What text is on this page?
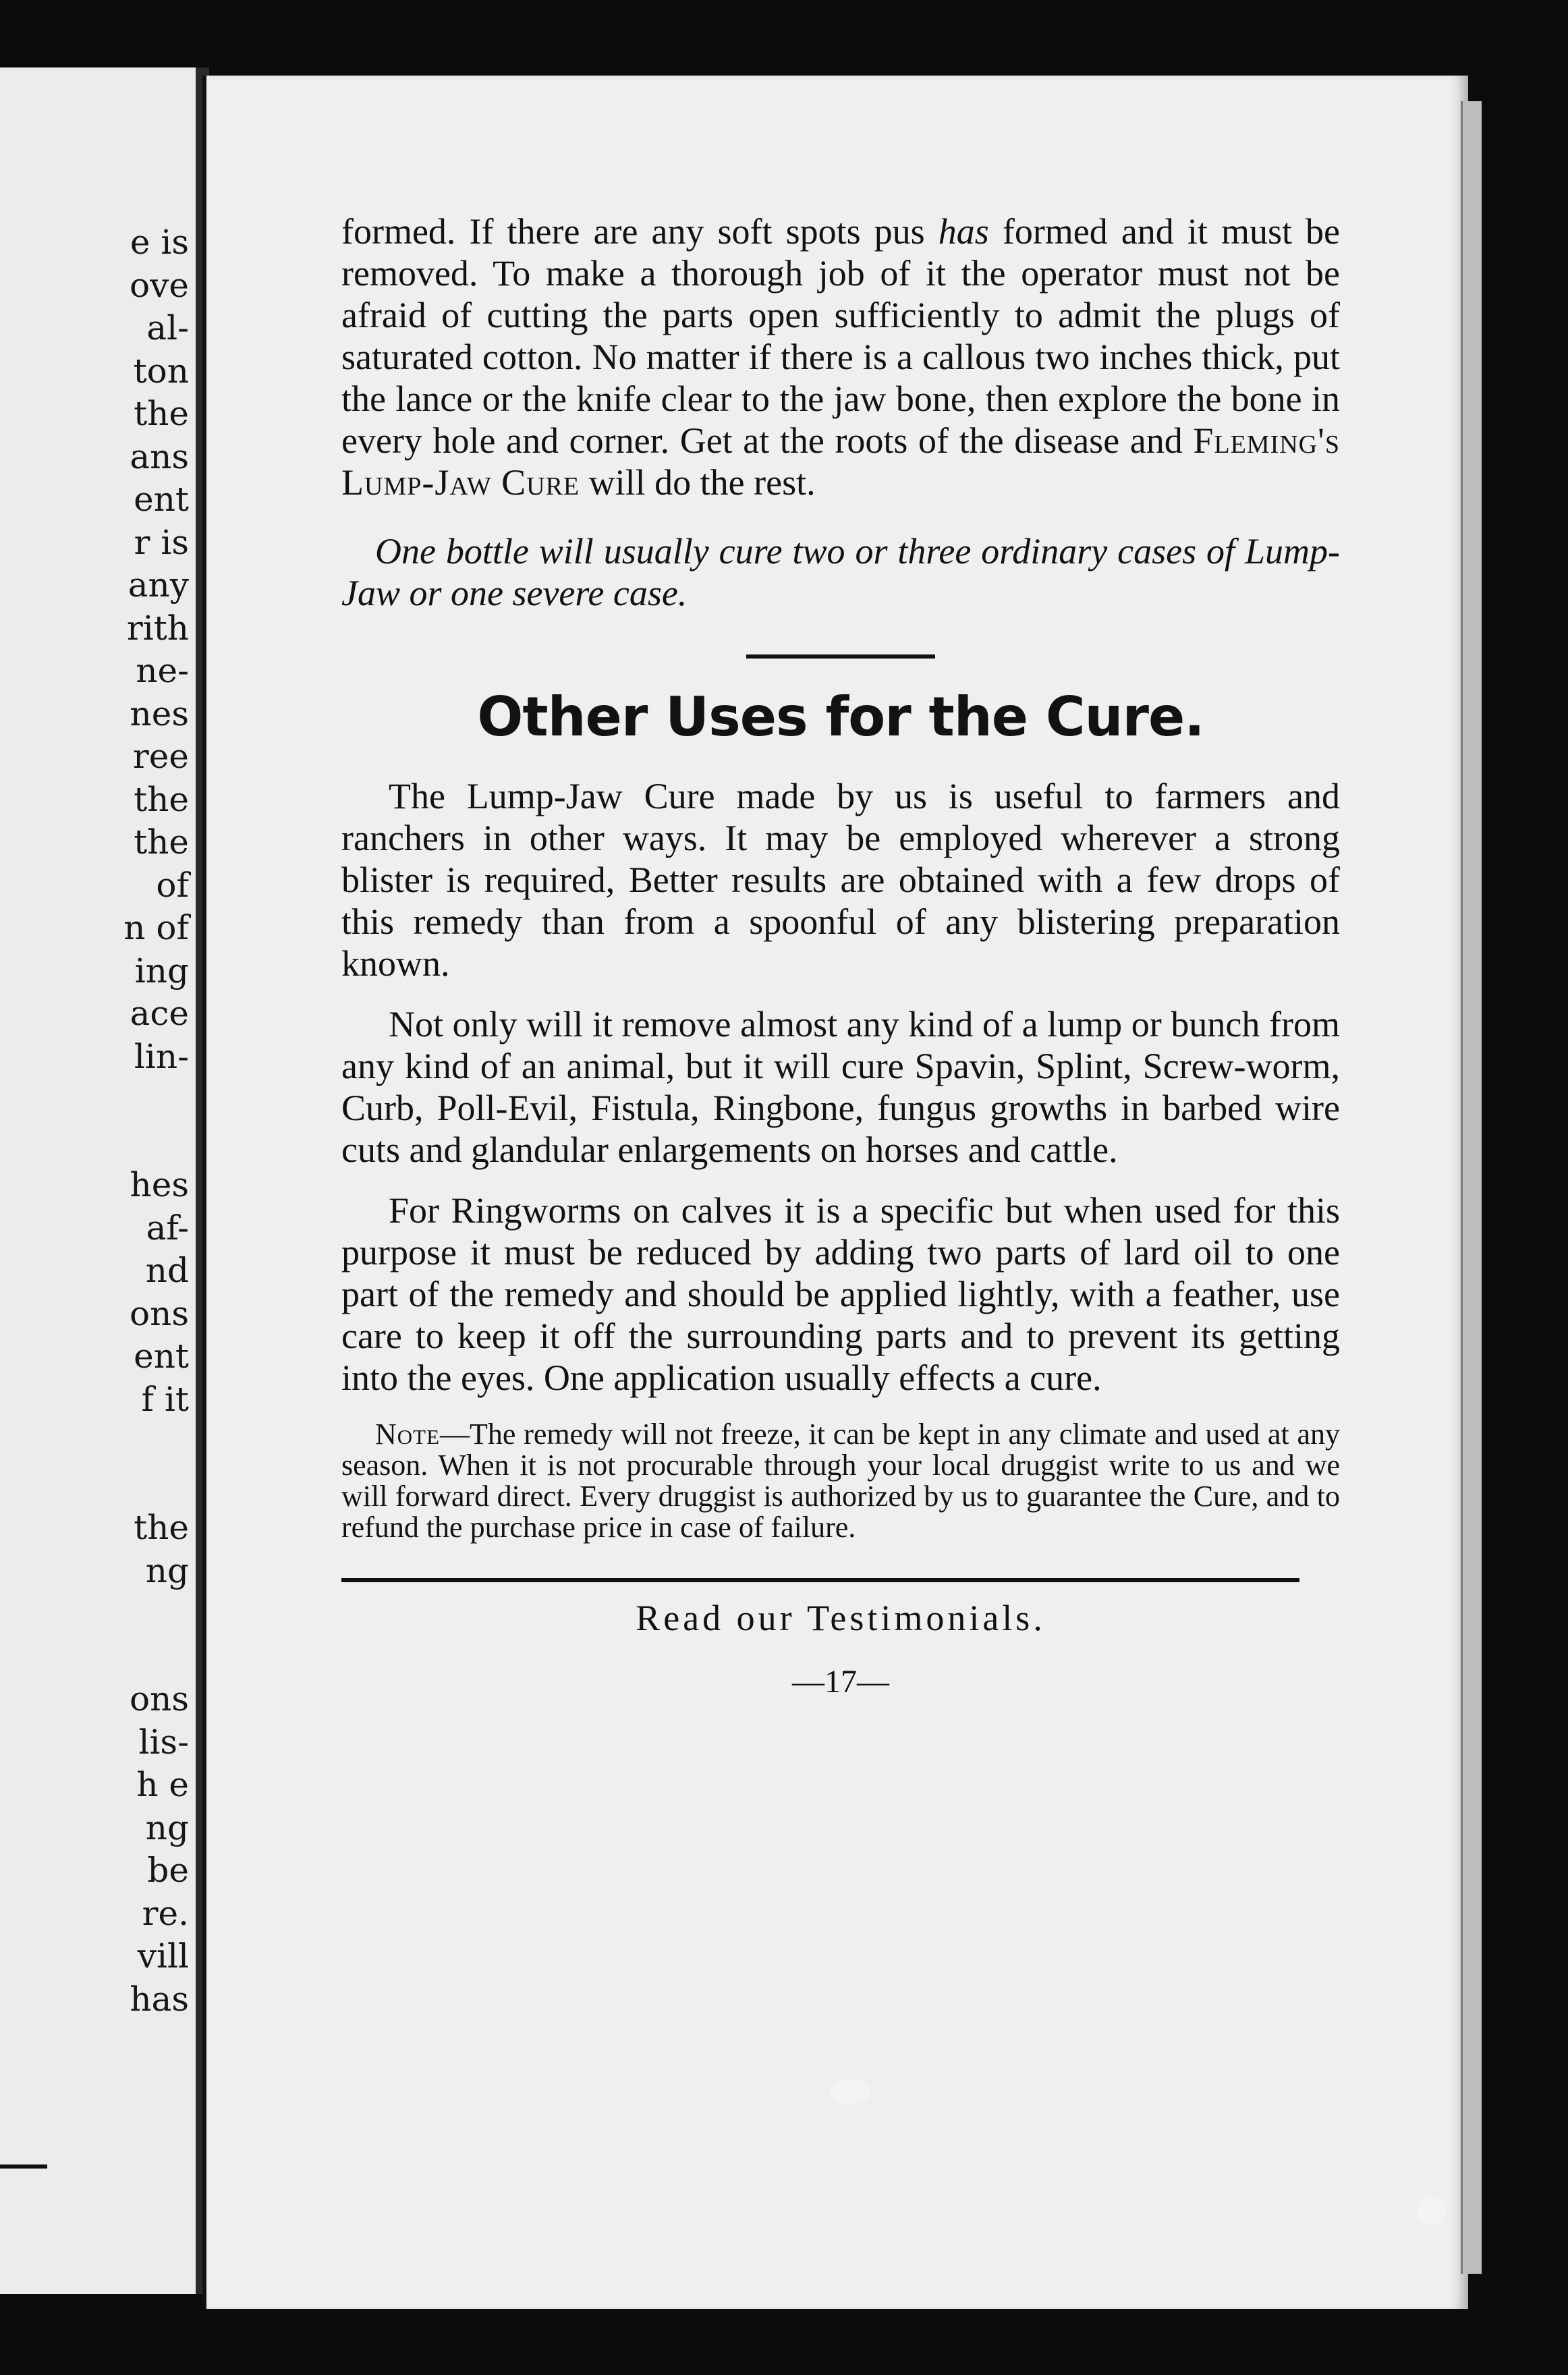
e is
ove
al-
ton
the
ans
ent
r is
any
rith
ne-
nes
ree
the
the
of
n of
ing
ace
lin-
hes
af-
nd
ons
ent
f it
the
ng
ons
lis-
h e
ng
be
re.
vill
has

formed. If there are any soft spots pus has formed and it must be removed. To make a thorough job of it the operator must not be afraid of cutting the parts open sufficiently to admit the plugs of saturated cotton. No matter if there is a callous two inches thick, put the lance or the knife clear to the jaw bone, then explore the bone in every hole and corner. Get at the roots of the disease and Fleming's Lump-Jaw Cure will do the rest.

One bottle will usually cure two or three ordinary cases of Lump-Jaw or one severe case.

Other Uses for the Cure.

The Lump-Jaw Cure made by us is useful to farmers and ranchers in other ways. It may be employed wherever a strong blister is required, Better results are obtained with a few drops of this remedy than from a spoonful of any blistering preparation known.

Not only will it remove almost any kind of a lump or bunch from any kind of an animal, but it will cure Spavin, Splint, Screw-worm, Curb, Poll-Evil, Fistula, Ringbone, fungus growths in barbed wire cuts and glandular enlargements on horses and cattle.

For Ringworms on calves it is a specific but when used for this purpose it must be reduced by adding two parts of lard oil to one part of the remedy and should be applied lightly, with a feather, use care to keep it off the surrounding parts and to prevent its getting into the eyes. One application usually effects a cure.

Note—The remedy will not freeze, it can be kept in any climate and used at any season. When it is not procurable through your local druggist write to us and we will forward direct. Every druggist is authorized by us to guarantee the Cure, and to refund the purchase price in case of failure.

Read our Testimonials.
—17—
